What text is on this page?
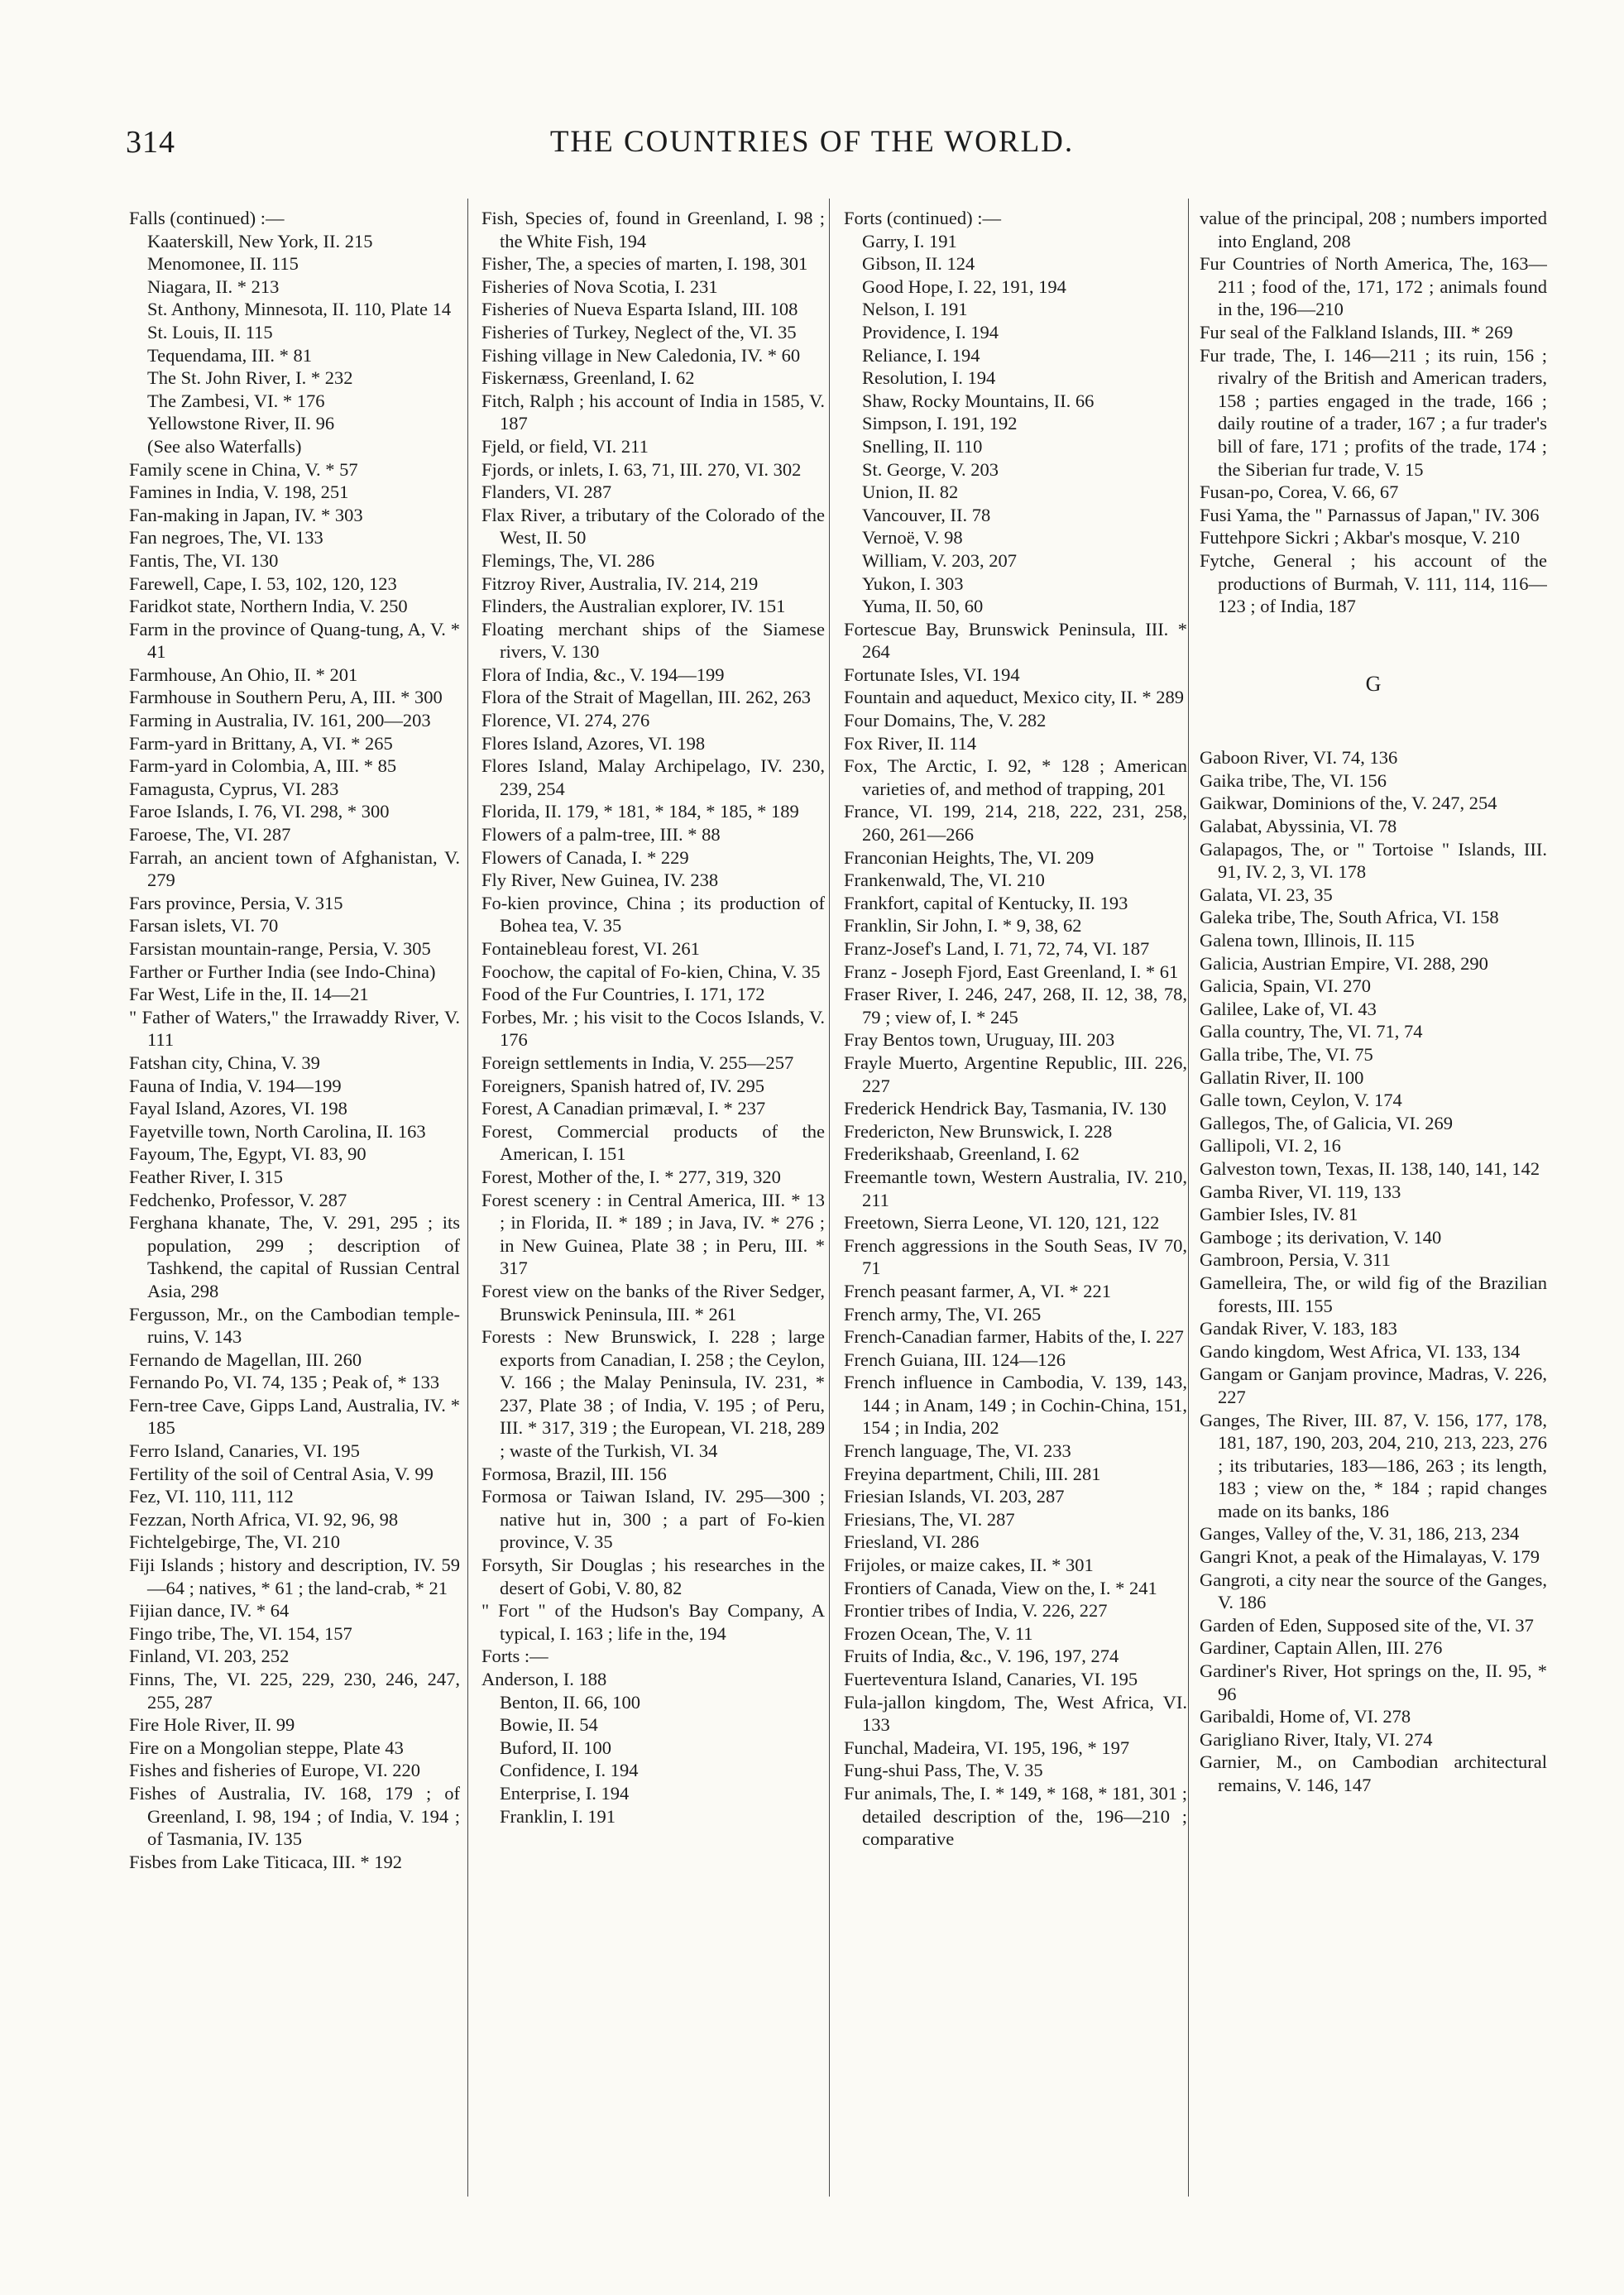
314	THE COUNTRIES OF THE WORLD.

Falls (continued) :—

Kaaterskill, New York, II. 215

Menomonee, II. 115

Niagara, II. * 213

St. Anthony, Minnesota, II. 110, Plate 14

St. Louis, II. 115

Tequendama, III. * 81

The St. John River, I. * 232

The Zambesi, VI. * 176

Yellowstone River, II. 96

(See also Waterfalls)

Family scene in China, V. * 57

Famines in India, V. 198, 251

Fan-making in Japan, IV. * 303

Fan negroes, The, VI. 133

Fantis, The, VI. 130

Farewell, Cape, I. 53, 102, 120, 123

Faridkot state, Northern India, V. 250

Farm in the province of Quang-tung, A, V. * 41

Farmhouse, An Ohio, II. * 201

Farmhouse in Southern Peru, A, III. * 300

Farming in Australia, IV. 161, 200—203

Farm-yard in Brittany, A, VI. * 265

Farm-yard in Colombia, A, III. * 85

Famagusta, Cyprus, VI. 283

Faroe Islands, I. 76, VI. 298, * 300

Faroese, The, VI. 287

Farrah, an ancient town of Afghanistan, V. 279

Fars province, Persia, V. 315

Farsan islets, VI. 70

Farsistan mountain-range, Persia, V. 305

Farther or Further India (see Indo-China)

Far West, Life in the, II. 14—21

" Father of Waters," the Irrawaddy River, V. 111

Fatshan city, China, V. 39

Fauna of India, V. 194—199

Fayal Island, Azores, VI. 198

Fayetville town, North Carolina, II. 163

Fayoum, The, Egypt, VI. 83, 90

Feather River, I. 315

Fedchenko, Professor, V. 287

Ferghana khanate, The, V. 291, 295 ; its population, 299 ; description of Tashkend, the capital of Russian Central Asia, 298

Fergusson, Mr., on the Cambodian temple-ruins, V. 143

Fernando de Magellan, III. 260

Fernando Po, VI. 74, 135 ; Peak of, * 133

Fern-tree Cave, Gipps Land, Australia, IV. * 185

Ferro Island, Canaries, VI. 195

Fertility of the soil of Central Asia, V. 99

Fez, VI. 110, 111, 112

Fezzan, North Africa, VI. 92, 96, 98

Fichtelgebirge, The, VI. 210

Fiji Islands ; history and description, IV. 59—64 ; natives, * 61 ; the land-crab, * 21

Fijian dance, IV. * 64

Fingo tribe, The, VI. 154, 157

Finland, VI. 203, 252

Finns, The, VI. 225, 229, 230, 246, 247, 255, 287

Fire Hole River, II. 99

Fire on a Mongolian steppe, Plate 43

Fishes and fisheries of Europe, VI. 220

Fishes of Australia, IV. 168, 179 ; of Greenland, I. 98, 194 ; of India, V. 194 ; of Tasmania, IV. 135

Fisbes from Lake Titicaca, III. * 192

Fish, Species of, found in Greenland, I. 98 ; the White Fish, 194

Fisher, The, a species of marten, I. 198, 301

Fisheries of Nova Scotia, I. 231

Fisheries of Nueva Esparta Island, III. 108

Fisheries of Turkey, Neglect of the, VI. 35

Fishing village in New Caledonia, IV. * 60

Fiskernæss, Greenland, I. 62

Fitch, Ralph ; his account of India in 1585, V. 187

Fjeld, or field, VI. 211

Fjords, or inlets, I. 63, 71, III. 270, VI. 302

Flanders, VI. 287

Flax River, a tributary of the Colorado of the West, II. 50

Flemings, The, VI. 286

Fitzroy River, Australia, IV. 214, 219

Flinders, the Australian explorer, IV. 151

Floating merchant ships of the Siamese rivers, V. 130

Flora of India, &c., V. 194—199

Flora of the Strait of Magellan, III. 262, 263

Florence, VI. 274, 276

Flores Island, Azores, VI. 198

Flores Island, Malay Archipelago, IV. 230, 239, 254

Florida, II. 179, * 181, * 184, * 185, * 189

Flowers of a palm-tree, III. * 88

Flowers of Canada, I. * 229

Fly River, New Guinea, IV. 238

Fo-kien province, China ; its production of Bohea tea, V. 35

Fontainebleau forest, VI. 261

Foochow, the capital of Fo-kien, China, V. 35

Food of the Fur Countries, I. 171, 172

Forbes, Mr. ; his visit to the Cocos Islands, V. 176

Foreign settlements in India, V. 255—257

Foreigners, Spanish hatred of, IV. 295

Forest, A Canadian primæval, I. * 237

Forest, Commercial products of the American, I. 151

Forest, Mother of the, I. * 277, 319, 320

Forest scenery : in Central America, III. * 13 ; in Florida, II. * 189 ; in Java, IV. * 276 ; in New Guinea, Plate 38 ; in Peru, III. * 317

Forest view on the banks of the River Sedger, Brunswick Peninsula, III. * 261

Forests : New Brunswick, I. 228 ; large exports from Canadian, I. 258 ; the Ceylon, V. 166 ; the Malay Peninsula, IV. 231, * 237, Plate 38 ; of India, V. 195 ; of Peru, III. * 317, 319 ; the European, VI. 218, 289 ; waste of the Turkish, VI. 34

Formosa, Brazil, III. 156

Formosa or Taiwan Island, IV. 295—300 ; native hut in, 300 ; a part of Fo-kien province, V. 35

Forsyth, Sir Douglas ; his researches in the desert of Gobi, V. 80, 82

" Fort " of the Hudson's Bay Company, A typical, I. 163 ; life in the, 194

Forts :—

Anderson, I. 188

Benton, II. 66, 100

Bowie, II. 54

Buford, II. 100

Confidence, I. 194

Enterprise, I. 194

Franklin, I. 191

Forts (continued) :—

Garry, I. 191

Gibson, II. 124

Good Hope, I. 22, 191, 194

Nelson, I. 191

Providence, I. 194

Reliance, I. 194

Resolution, I. 194

Shaw, Rocky Mountains, II. 66

Simpson, I. 191, 192

Snelling, II. 110

St. George, V. 203

Union, II. 82

Vancouver, II. 78

Vernoë, V. 98

William, V. 203, 207

Yukon, I. 303

Yuma, II. 50, 60

Fortescue Bay, Brunswick Peninsula, III. * 264

Fortunate Isles, VI. 194

Fountain and aqueduct, Mexico city, II. * 289

Four Domains, The, V. 282

Fox River, II. 114

Fox, The Arctic, I. 92, * 128 ; American varieties of, and method of trapping, 201

France, VI. 199, 214, 218, 222, 231, 258, 260, 261—266

Franconian Heights, The, VI. 209

Frankenwald, The, VI. 210

Frankfort, capital of Kentucky, II. 193

Franklin, Sir John, I. * 9, 38, 62

Franz-Josef's Land, I. 71, 72, 74, VI. 187

Franz - Joseph Fjord, East Greenland, I. * 61

Fraser River, I. 246, 247, 268, II. 12, 38, 78, 79 ; view of, I. * 245

Fray Bentos town, Uruguay, III. 203

Frayle Muerto, Argentine Republic, III. 226, 227

Frederick Hendrick Bay, Tasmania, IV. 130

Fredericton, New Brunswick, I. 228

Frederikshaab, Greenland, I. 62

Freemantle town, Western Australia, IV. 210, 211

Freetown, Sierra Leone, VI. 120, 121, 122

French aggressions in the South Seas, IV 70, 71

French peasant farmer, A, VI. * 221

French army, The, VI. 265

French-Canadian farmer, Habits of the, I. 227

French Guiana, III. 124—126

French influence in Cambodia, V. 139, 143, 144 ; in Anam, 149 ; in Cochin-China, 151, 154 ; in India, 202

French language, The, VI. 233

Freyina department, Chili, III. 281

Friesian Islands, VI. 203, 287

Friesians, The, VI. 287

Friesland, VI. 286

Frijoles, or maize cakes, II. * 301

Frontiers of Canada, View on the, I. * 241

Frontier tribes of India, V. 226, 227

Frozen Ocean, The, V. 11

Fruits of India, &c., V. 196, 197, 274

Fuerteventura Island, Canaries, VI. 195

Fula-jallon kingdom, The, West Africa, VI. 133

Funchal, Madeira, VI. 195, 196, * 197

Fung-shui Pass, The, V. 35

Fur animals, The, I. * 149, * 168, * 181, 301 ; detailed description of the, 196—210 ; comparative

value of the principal, 208 ; numbers imported into England, 208

Fur Countries of North America, The, 163—211 ; food of the, 171, 172 ; animals found in the, 196—210

Fur seal of the Falkland Islands, III. * 269

Fur trade, The, I. 146—211 ; its ruin, 156 ; rivalry of the British and American traders, 158 ; parties engaged in the trade, 166 ; daily routine of a trader, 167 ; a fur trader's bill of fare, 171 ; profits of the trade, 174 ; the Siberian fur trade, V. 15

Fusan-po, Corea, V. 66, 67

Fusi Yama, the " Parnassus of Japan," IV. 306

Futtehpore Sickri ; Akbar's mosque, V. 210

Fytche, General ; his account of the productions of Burmah, V. 111, 114, 116—123 ; of India, 187

G

Gaboon River, VI. 74, 136

Gaika tribe, The, VI. 156

Gaikwar, Dominions of the, V. 247, 254

Galabat, Abyssinia, VI. 78

Galapagos, The, or " Tortoise " Islands, III. 91, IV. 2, 3, VI. 178

Galata, VI. 23, 35

Galeka tribe, The, South Africa, VI. 158

Galena town, Illinois, II. 115

Galicia, Austrian Empire, VI. 288, 290

Galicia, Spain, VI. 270

Galilee, Lake of, VI. 43

Galla country, The, VI. 71, 74

Galla tribe, The, VI. 75

Gallatin River, II. 100

Galle town, Ceylon, V. 174

Gallegos, The, of Galicia, VI. 269

Gallipoli, VI. 2, 16

Galveston town, Texas, II. 138, 140, 141, 142

Gamba River, VI. 119, 133

Gambier Isles, IV. 81

Gamboge ; its derivation, V. 140

Gambroon, Persia, V. 311

Gamelleira, The, or wild fig of the Brazilian forests, III. 155

Gandak River, V. 183, 183

Gando kingdom, West Africa, VI. 133, 134

Gangam or Ganjam province, Madras, V. 226, 227

Ganges, The River, III. 87, V. 156, 177, 178, 181, 187, 190, 203, 204, 210, 213, 223, 276 ; its tributaries, 183—186, 263 ; its length, 183 ; view on the, * 184 ; rapid changes made on its banks, 186

Ganges, Valley of the, V. 31, 186, 213, 234

Gangri Knot, a peak of the Himalayas, V. 179

Gangroti, a city near the source of the Ganges, V. 186

Garden of Eden, Supposed site of the, VI. 37

Gardiner, Captain Allen, III. 276

Gardiner's River, Hot springs on the, II. 95, * 96

Garibaldi, Home of, VI. 278

Garigliano River, Italy, VI. 274

Garnier, M., on Cambodian architectural remains, V. 146, 147
